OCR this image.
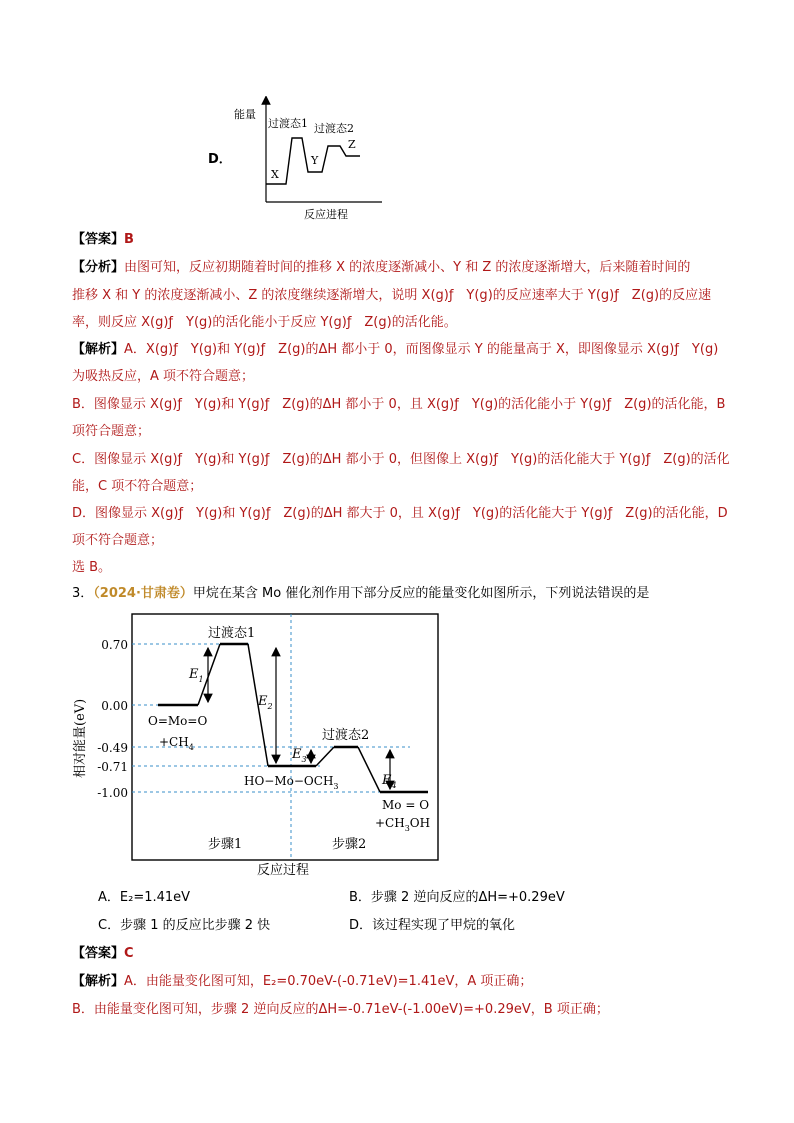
D．
能量
过渡态1 过渡态2
X
Y
Z
反应进程
【答案】B
【分析】由图可知，反应初期随着时间的推移 X 的浓度逐渐减小、Y 和 Z 的浓度逐渐增大，后来随着时间的
推移 X 和 Y 的浓度逐渐减小、Z 的浓度继续逐渐增大，说明 X(g)ƒ　Y(g)的反应速率大于 Y(g)ƒ　Z(g)的反应速
率，则反应 X(g)ƒ　Y(g)的活化能小于反应 Y(g)ƒ　Z(g)的活化能。
【解析】A．X(g)ƒ　Y(g)和 Y(g)ƒ　Z(g)的ΔH 都小于 0，而图像显示 Y 的能量高于 X，即图像显示 X(g)ƒ　Y(g)
为吸热反应，A 项不符合题意；
B．图像显示 X(g)ƒ　Y(g)和 Y(g)ƒ　Z(g)的ΔH 都小于 0，且 X(g)ƒ　Y(g)的活化能小于 Y(g)ƒ　Z(g)的活化能，B
项符合题意；
C．图像显示 X(g)ƒ　Y(g)和 Y(g)ƒ　Z(g)的ΔH 都小于 0，但图像上 X(g)ƒ　Y(g)的活化能大于 Y(g)ƒ　Z(g)的活化
能，C 项不符合题意；
D．图像显示 X(g)ƒ　Y(g)和 Y(g)ƒ　Z(g)的ΔH 都大于 0，且 X(g)ƒ　Y(g)的活化能大于 Y(g)ƒ　Z(g)的活化能，D
项不符合题意；
选 B。
3．（2024·甘肃卷）甲烷在某含 Mo 催化剂作用下部分反应的能量变化如图所示，下列说法错误的是
0.70
0.00
-0.49
-0.71
-1.00
相对能量(eV)
$E_1$
$E_2$
$E_3$
$E_4$
过渡态1
过渡态2
O=Mo=O
$+CH_4$
$HO-Mo-OCH_3$
Mo = O
$+CH_3OH$
步骤1	步骤2
反应过程
A．E₂=1.41eV	B．步骤 2 逆向反应的ΔH=+0.29eV
C．步骤 1 的反应比步骤 2 快	D．该过程实现了甲烷的氧化
【答案】C
【解析】A．由能量变化图可知，E₂=0.70eV-(-0.71eV)=1.41eV，A 项正确；
B．由能量变化图可知，步骤 2 逆向反应的ΔH=-0.71eV-(-1.00eV)=+0.29eV，B 项正确；
